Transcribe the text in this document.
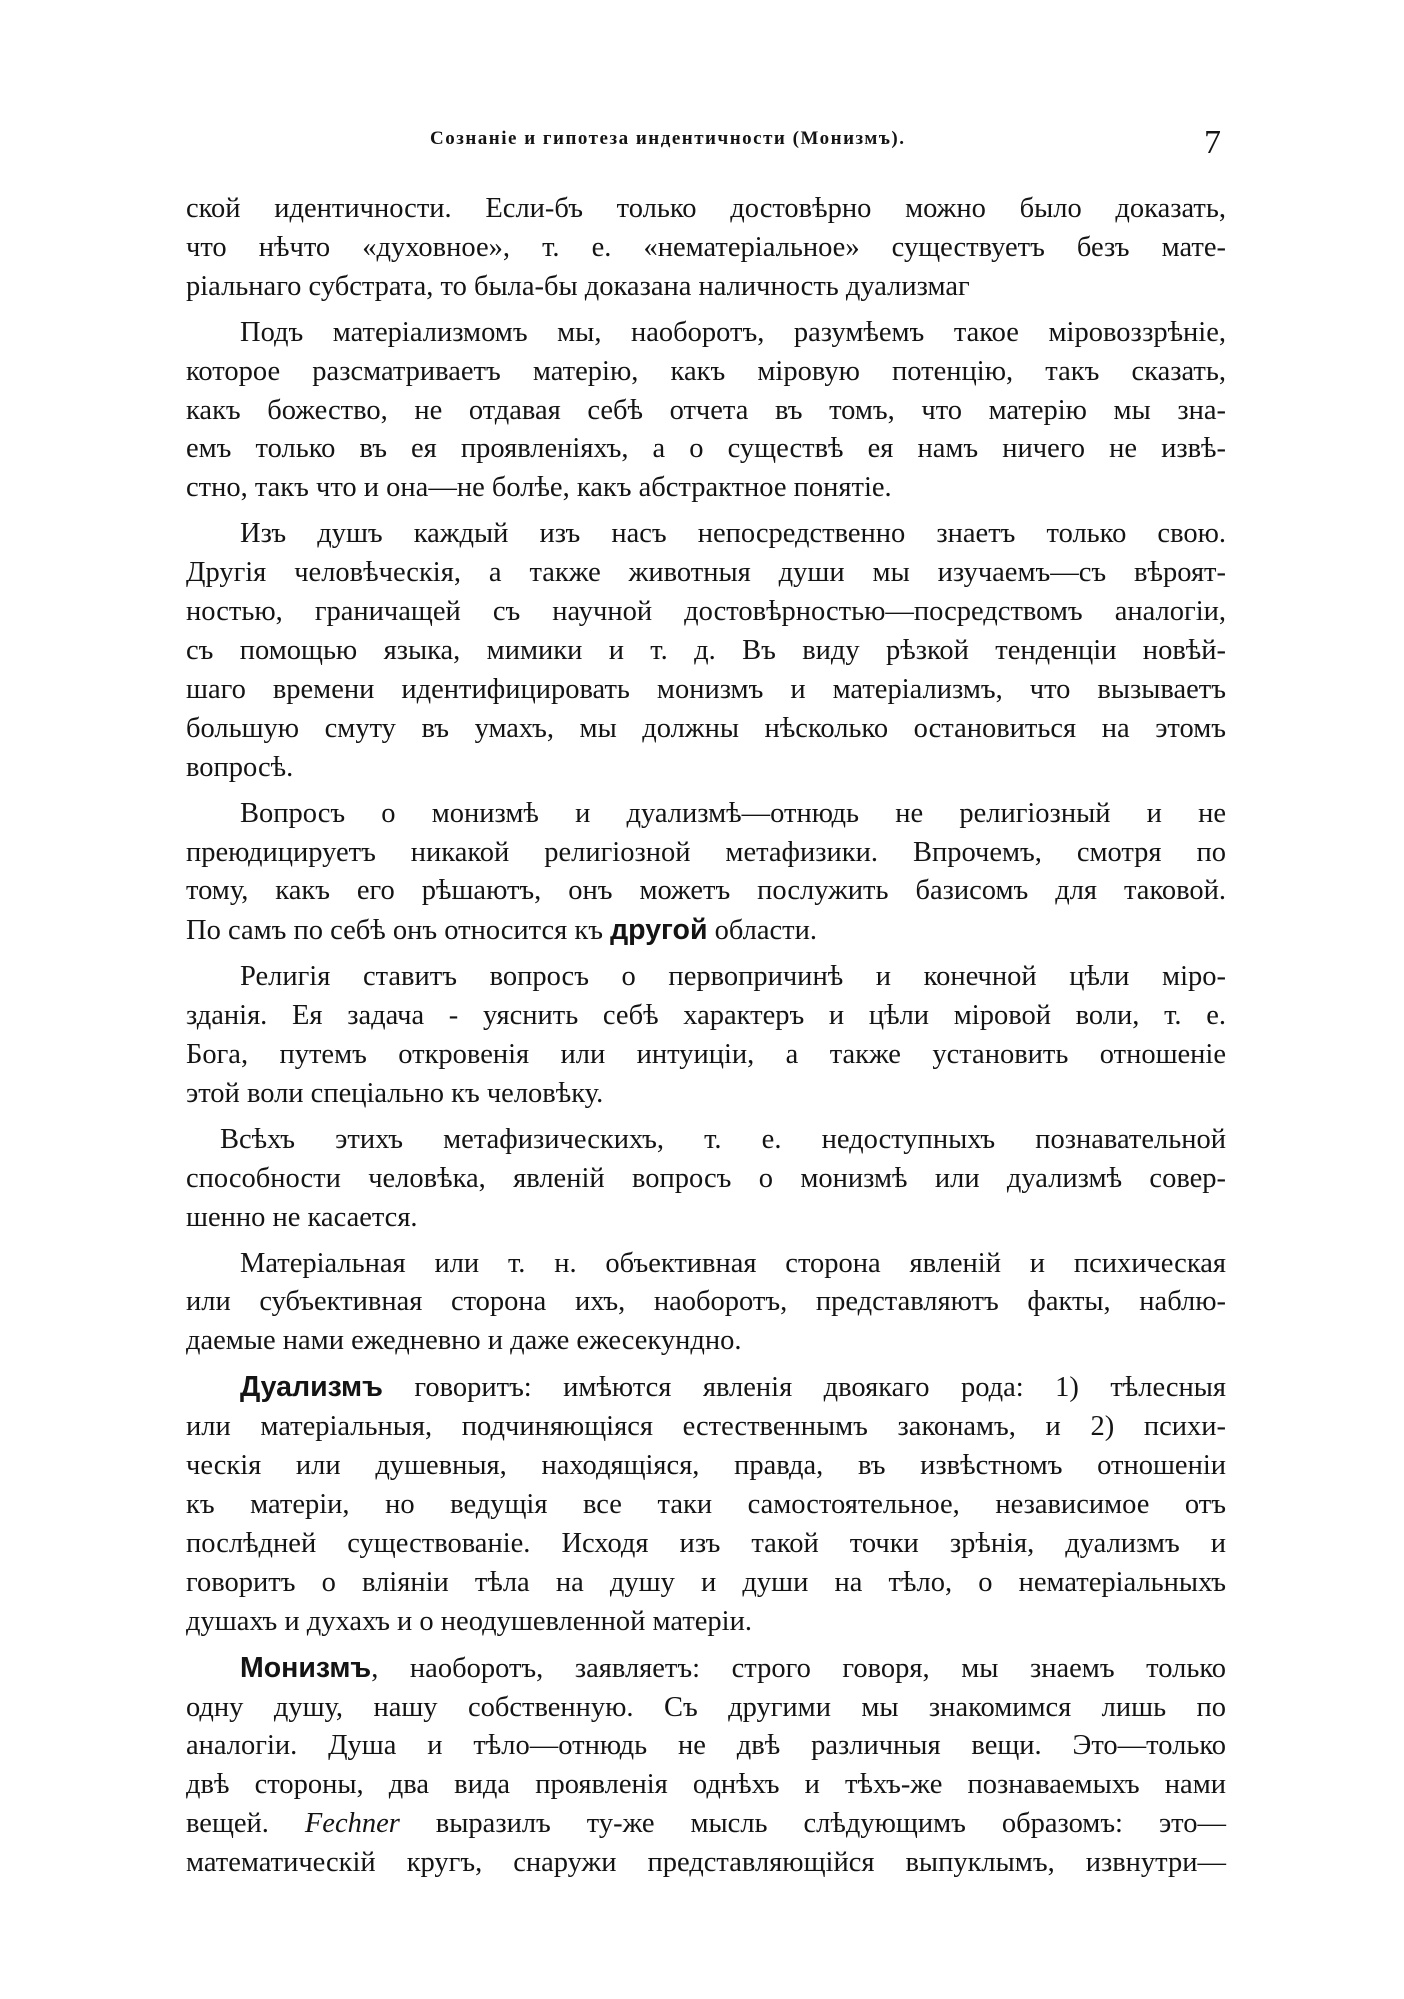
Сознаніе и гипотеза индентичности (Монизмъ).	7
ской идентичности. Если-бъ только достовѣрно можно было доказать,
что нѣчто «духовное», т. е. «нематеріальное» существуетъ безъ мате-
ріальнаго субстрата, то была-бы доказана наличность дуализмаг
Подъ матеріализмомъ мы, наоборотъ, разумѣемъ такое міровоззрѣніе,
которое разсматриваетъ матерію, какъ міровую потенцію, такъ сказать,
какъ божество, не отдавая себѣ отчета въ томъ, что матерію мы зна-
емъ только въ ея проявленіяхъ, а о существѣ ея намъ ничего не извѣ-
стно, такъ что и она—не болѣе, какъ абстрактное понятіе.
Изъ душъ каждый изъ насъ непосредственно знаетъ только свою.
Другія человѣческія, а также животныя души мы изучаемъ—съ вѣроят-
ностью, граничащей съ научной достовѣрностью—посредствомъ аналогіи,
съ помощью языка, мимики и т. д. Въ виду рѣзкой тенденціи новѣй-
шаго времени идентифицировать монизмъ и матеріализмъ, что вызываетъ
большую смуту въ умахъ, мы должны нѣсколько остановиться на этомъ
вопросѣ.
Вопросъ о монизмѣ и дуализмѣ—отнюдь не религіозный и не
преюдицируетъ никакой религіозной метафизики. Впрочемъ, смотря по
тому, какъ его рѣшаютъ, онъ можетъ послужить базисомъ для таковой.
По самъ по себѣ онъ относится къ другой области.
Религія ставитъ вопросъ о первопричинѣ и конечной цѣли міро-
зданія. Ея задача - уяснить себѣ характеръ и цѣли міровой воли, т. е.
Бога, путемъ откровенія или интуиціи, а также установить отношеніе
этой воли спеціально къ человѣку.
Всѣхъ этихъ метафизическихъ, т. е. недоступныхъ познавательной
способности человѣка, явленій вопросъ о монизмѣ или дуализмѣ совер-
шенно не касается.
Матеріальная или т. н. объективная сторона явленій и психическая
или субъективная сторона ихъ, наоборотъ, представляютъ факты, наблю-
даемые нами ежедневно и даже ежесекундно.
Дуализмъ говоритъ: имѣются явленія двоякаго рода: 1) тѣлесныя
или матеріальныя, подчиняющіяся естественнымъ законамъ, и 2) психи-
ческія или душевныя, находящіяся, правда, въ извѣстномъ отношеніи
къ матеріи, но ведущія все таки самостоятельное, независимое отъ
послѣдней существованіе. Исходя изъ такой точки зрѣнія, дуализмъ и
говоритъ о вліяніи тѣла на душу и души на тѣло, о нематеріальныхъ
душахъ и духахъ и о неодушевленной матеріи.
Монизмъ, наоборотъ, заявляетъ: строго говоря, мы знаемъ только
одну душу, нашу собственную. Съ другими мы знакомимся лишь по
аналогіи. Душа и тѣло—отнюдь не двѣ различныя вещи. Это—только
двѣ стороны, два вида проявленія однѣхъ и тѣхъ-же познаваемыхъ нами
вещей. Fechner выразилъ ту-же мысль слѣдующимъ образомъ: это—
математическій кругъ, снаружи представляющійся выпуклымъ, извнутри—
